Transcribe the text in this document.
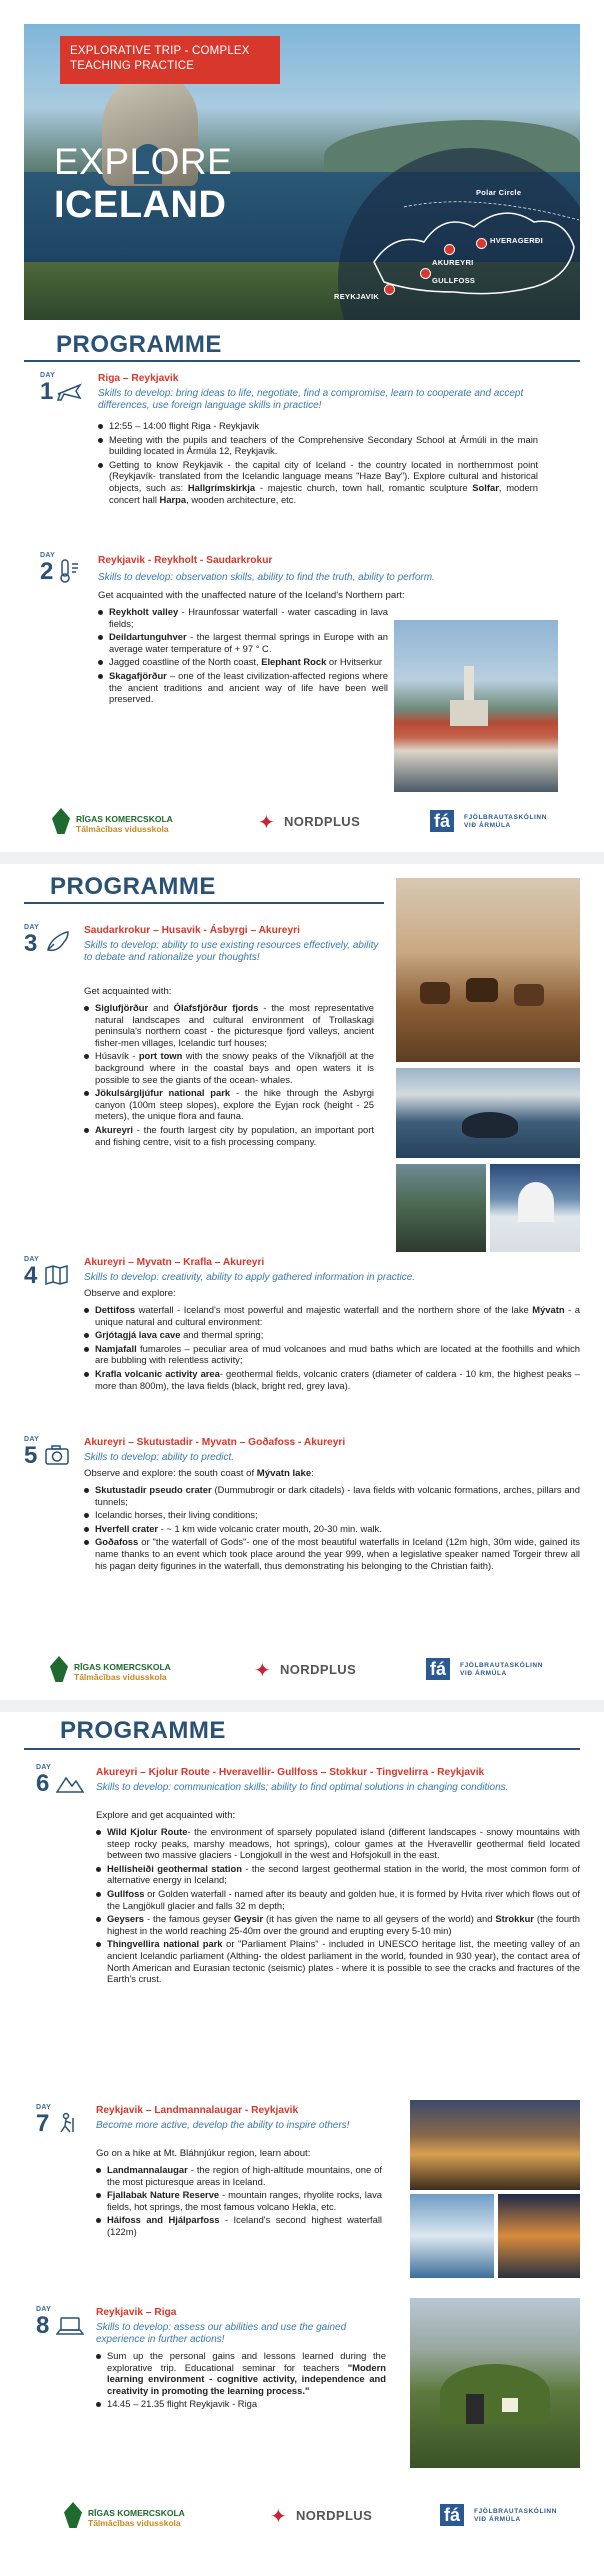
Polar Circle
AKUREYRI
HVERAGERÐI
GULLFOSS
REYKJAVIK
EXPLORATIVE TRIP - COMPLEX TEACHING PRACTICE
EXPLORE
ICELAND
PROGRAMME
DAY
1	Riga – Reykjavik
Skills to develop: bring ideas to life, negotiate, find a compromise, learn to cooperate and accept differences, use foreign language skills in practice!
12:55 – 14:00 flight Riga - Reykjavik
Meeting with the pupils and teachers of the Comprehensive Secondary School at Ármúli in the main building located in Ármúla 12, Reykjavik.
Getting to know Reykjavik - the capital city of Iceland - the country located in northernmost point (Reykjavík- translated from the Icelandic language means "Haze Bay"). Explore cultural and historical objects, such as: Hallgrímskirkja - majestic church, town hall, romantic sculpture Solfar, modern concert hall Harpa, wooden architecture, etc.
DAY
2	Reykjavik - Reykholt - Saudarkrokur
Skills to develop: observation skills, ability to find the truth, ability to perform.
Get acquainted with the unaffected nature of the Iceland's Northern part:
Reykholt valley - Hraunfossar waterfall - water cascading in lava fields;
Deildartunguhver - the largest thermal springs in Europe with an average water temperature of + 97 ° C.
Jagged coastline of the North coast, Elephant Rock or Hvitserkur
Skagafjörður – one of the least civilization-affected regions where the ancient traditions and ancient way of life have been well preserved.
RĪGAS KOMERCSKOLA
Tālmācības vidusskola	✦ NORDPLUS	fá	FJÖLBRAUTASKÓLINN
VIÐ ÁRMÚLA
PROGRAMME
DAY
3	Saudarkrokur – Husavik - Ásbyrgi – Akureyri
Skills to develop: ability to use existing resources effectively, ability to debate and rationalize your thoughts!
Get acquainted with:
Siglufjörður and Ólafsfjörður fjords - the most representative natural landscapes and cultural environment of Trollaskagi peninsula's northern coast - the picturesque fjord valleys, ancient fisher-men villages, Icelandic turf houses;
Húsavík - port town with the snowy peaks of the Víknafjöll at the background where in the coastal bays and open waters it is possible to see the giants of the ocean- whales.
Jökulsárgljúfur national park - the hike through the Asbyrgi canyon (100m steep slopes), explore the Eyjan rock (height - 25 meters), the unique flora and fauna.
Akureyri - the fourth largest city by population, an important port and fishing centre, visit to a fish processing company.
DAY
4	Akureyri – Myvatn – Krafla – Akureyri
Skills to develop: creativity, ability to apply gathered information in practice.
Observe and explore:
Dettifoss waterfall - Iceland's most powerful and majestic waterfall and the northern shore of the lake Mývatn - a unique natural and cultural environment:
Grjótagjá lava cave and thermal spring;
Namjafall fumaroles – peculiar area of mud volcanoes and mud baths which are located at the foothills and which are bubbling with relentless activity;
Krafla volcanic activity area- geothermal fields, volcanic craters (diameter of caldera - 10 km, the highest peaks – more than 800m), the lava fields (black, bright red, grey lava).
DAY
5	Akureyri – Skutustadir - Myvatn – Goðafoss - Akureyri
Skills to develop: ability to predict.
Observe and explore: the south coast of Mývatn lake:
Skutustadir pseudo crater (Dummubrogir or dark citadels) - lava fields with volcanic formations, arches, pillars and tunnels;
Icelandic horses, their living conditions;
Hverfell crater - ~ 1 km wide volcanic crater mouth, 20-30 min. walk.
Goðafoss or "the waterfall of Gods"- one of the most beautiful waterfalls in Iceland (12m high, 30m wide, gained its name thanks to an event which took place around the year 999, when a legislative speaker named Torgeir threw all his pagan deity figurines in the waterfall, thus demonstrating his belonging to the Christian faith).
RĪGAS KOMERCSKOLA
Tālmācības vidusskola	✦ NORDPLUS	fá	FJÖLBRAUTASKÓLINN
VIÐ ÁRMÚLA
PROGRAMME
DAY
6	Akureyri – Kjolur Route - Hveravellir- Gullfoss – Stokkur - Tingvelirra - Reykjavik
Skills to develop: communication skills; ability to find optimal solutions in changing conditions.
Explore and get acquainted with:
Wild Kjolur Route- the environment of sparsely populated island (different landscapes - snowy mountains with steep rocky peaks, marshy meadows, hot springs), colour games at the Hveravellir geothermal field located between two massive glaciers - Longjokull in the west and Hofsjokull in the east.
Hellisheiði geothermal station - the second largest geothermal station in the world, the most common form of alternative energy in Iceland;
Gullfoss or Golden waterfall - named after its beauty and golden hue, it is formed by Hvita river which flows out of the Langjökull glacier and falls 32 m depth;
Geysers - the famous geyser Geysir (it has given the name to all geysers of the world) and Strokkur (the fourth highest in the world reaching 25-40m over the ground and erupting every 5-10 min)
Thingvellira national park or "Parliament Plains" - included in UNESCO heritage list, the meeting valley of an ancient Icelandic parliament (Althing- the oldest parliament in the world, founded in 930 year), the contact area of North American and Eurasian tectonic (seismic) plates - where it is possible to see the cracks and fractures of the Earth's crust.
DAY
7	Reykjavik – Landmannalaugar - Reykjavik
Become more active, develop the ability to inspire others!
Go on a hike at Mt. Bláhnjúkur region, learn about:
Landmannalaugar - the region of high-altitude mountains, one of the most picturesque areas in Iceland.
Fjallabak Nature Reserve - mountain ranges, rhyolite rocks, lava fields, hot springs, the most famous volcano Hekla, etc.
Háifoss and Hjálparfoss - Iceland's second highest waterfall (122m)
DAY
8	Reykjavik – Riga
Skills to develop: assess our abilities and use the gained experience in further actions!
Sum up the personal gains and lessons learned during the explorative trip. Educational seminar for teachers "Modern learning environment - cognitive activity, independence and creativity in promoting the learning process."
14.45 – 21.35 flight Reykjavik - Riga
RĪGAS KOMERCSKOLA
Tālmācības vidusskola	✦ NORDPLUS	fá	FJÖLBRAUTASKÓLINN
VIÐ ÁRMÚLA
